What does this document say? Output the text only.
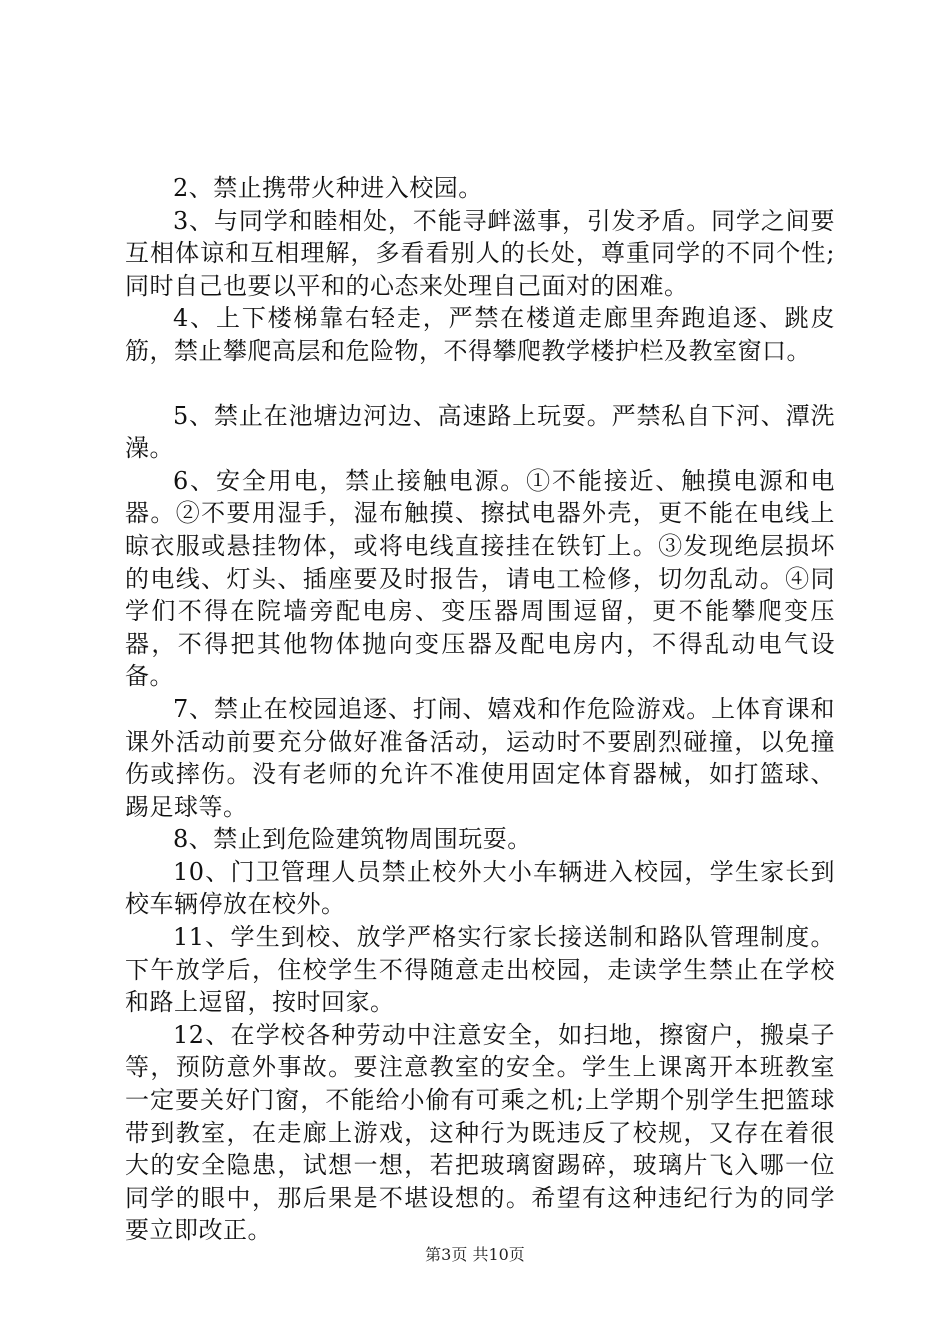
2、禁止携带火种进入校园。

3、与同学和睦相处，不能寻衅滋事，引发矛盾。同学之间要互相体谅和互相理解，多看看别人的长处，尊重同学的不同个性;同时自己也要以平和的心态来处理自己面对的困难。

4、上下楼梯靠右轻走，严禁在楼道走廊里奔跑追逐、跳皮筋，禁止攀爬高层和危险物，不得攀爬教学楼护栏及教室窗口。

5、禁止在池塘边河边、高速路上玩耍。严禁私自下河、潭洗澡。

6、安全用电，禁止接触电源。①不能接近、触摸电源和电器。②不要用湿手，湿布触摸、擦拭电器外壳，更不能在电线上晾衣服或悬挂物体，或将电线直接挂在铁钉上。③发现绝层损坏的电线、灯头、插座要及时报告，请电工检修，切勿乱动。④同学们不得在院墙旁配电房、变压器周围逗留，更不能攀爬变压器，不得把其他物体抛向变压器及配电房内，不得乱动电气设备。

7、禁止在校园追逐、打闹、嬉戏和作危险游戏。上体育课和课外活动前要充分做好准备活动，运动时不要剧烈碰撞，以免撞伤或摔伤。没有老师的允许不准使用固定体育器械，如打篮球、踢足球等。

8、禁止到危险建筑物周围玩耍。

10、门卫管理人员禁止校外大小车辆进入校园，学生家长到校车辆停放在校外。

11、学生到校、放学严格实行家长接送制和路队管理制度。下午放学后，住校学生不得随意走出校园，走读学生禁止在学校和路上逗留，按时回家。

12、在学校各种劳动中注意安全，如扫地，擦窗户，搬桌子等，预防意外事故。要注意教室的安全。学生上课离开本班教室一定要关好门窗，不能给小偷有可乘之机;上学期个别学生把篮球带到教室，在走廊上游戏，这种行为既违反了校规，又存在着很大的安全隐患，试想一想，若把玻璃窗踢碎，玻璃片飞入哪一位同学的眼中，那后果是不堪设想的。希望有这种违纪行为的同学要立即改正。

第3页 共10页
